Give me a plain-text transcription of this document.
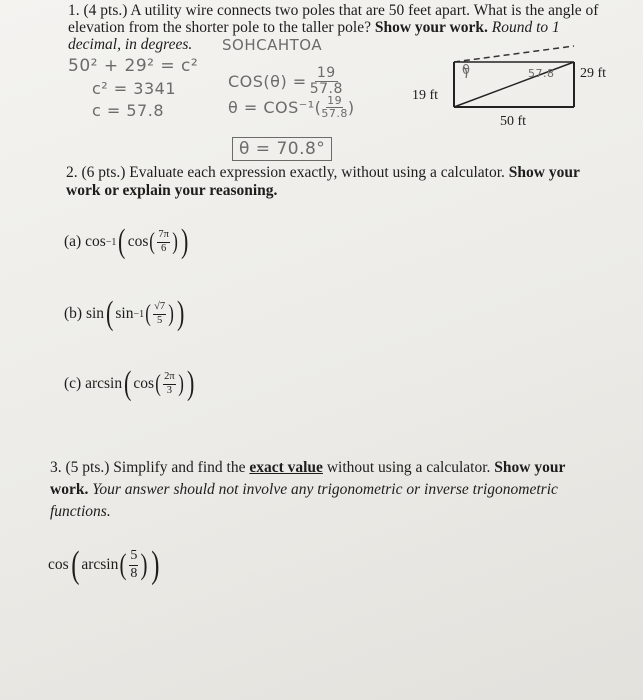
1. (4 pts.) A utility wire connects two poles that are 50 feet apart. What is the angle of
elevation from the shorter pole to the taller pole? Show your work. Round to 1
decimal, in degrees.	SOHCAHTOA
50² + 29² = c²
c² = 3341
c = 57.8
$COS(\theta) = \frac{19}{57.8}$
$\theta = COS^{-1}( \frac{19}{57.8}$ )
θ = 70.8°
θ	57.8
19 ft
29 ft
50 ft
2. (6 pts.) Evaluate each expression exactly, without using a calculator. Show your
work or explain your reasoning.
(a)
cos −1 ( cos ( $\frac{7\pi}{6}$ ) )
(b)
sin ( sin −1 ( $\frac{√7}{5}$ ) )
(c)
arcsin ( cos ( $\frac{2\pi}{3}$ ) )
3. (5 pts.) Simplify and find the exact value without using a calculator. Show your
work. Your answer should not involve any trigonometric or inverse trigonometric
functions.
cos ( arcsin ( $\frac{5}{8}$ ) )
